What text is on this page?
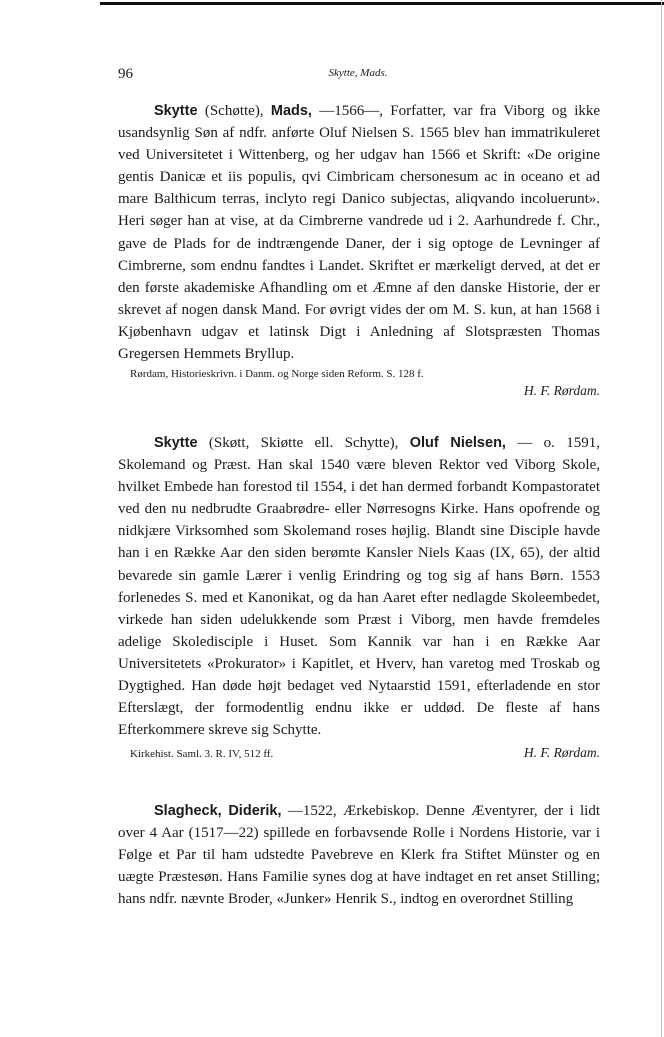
96	Skytte, Mads.

Skytte (Schøtte), Mads, —1566—, Forfatter, var fra Viborg og ikke usandsynlig Søn af ndfr. anførte Oluf Nielsen S. 1565 blev han immatrikuleret ved Universitetet i Wittenberg, og her udgav han 1566 et Skrift: «De origine gentis Danicæ et iis populis, qvi Cimbricam chersonesum ac in oceano et ad mare Balthicum terras, inclyto regi Danico subjectas, aliqvando incoluerunt». Heri søger han at vise, at da Cimbrerne vandrede ud i 2. Aarhundrede f. Chr., gave de Plads for de indtrængende Daner, der i sig optoge de Levninger af Cimbrerne, som endnu fandtes i Landet. Skriftet er mærkeligt derved, at det er den første akademiske Afhandling om et Æmne af den danske Historie, der er skrevet af nogen dansk Mand. For øvrigt vides der om M. S. kun, at han 1568 i Kjøbenhavn udgav et latinsk Digt i Anledning af Slotspræsten Thomas Gregersen Hemmets Bryllup.

Rørdam, Historieskrivn. i Danm. og Norge siden Reform. S. 128 f.

H. F. Rørdam.

Skytte (Skøtt, Skiøtte ell. Schytte), Oluf Nielsen, — o. 1591, Skolemand og Præst. Han skal 1540 være bleven Rektor ved Viborg Skole, hvilket Embede han forestod til 1554, i det han dermed forbandt Kompastoratet ved den nu nedbrudte Graabrødre- eller Nørresogns Kirke. Hans opofrende og nidkjære Virksomhed som Skolemand roses højlig. Blandt sine Disciple havde han i en Række Aar den siden berømte Kansler Niels Kaas (IX, 65), der altid bevarede sin gamle Lærer i venlig Erindring og tog sig af hans Børn. 1553 forlenedes S. med et Kanonikat, og da han Aaret efter nedlagde Skoleembedet, virkede han siden udelukkende som Præst i Viborg, men havde fremdeles adelige Skoledisciple i Huset. Som Kannik var han i en Række Aar Universitetets «Prokurator» i Kapitlet, et Hverv, han varetog med Troskab og Dygtighed. Han døde højt bedaget ved Nytaarstid 1591, efterladende en stor Efterslægt, der formodentlig endnu ikke er uddød. De fleste af hans Efterkommere skreve sig Schytte.

Kirkehist. Saml. 3. R. IV, 512 ff.	H. F. Rørdam.

Slagheck, Diderik, —1522, Ærkebiskop. Denne Æventyrer, der i lidt over 4 Aar (1517—22) spillede en forbavsende Rolle i Nordens Historie, var i Følge et Par til ham udstedte Pavebreve en Klerk fra Stiftet Münster og en uægte Præstesøn. Hans Familie synes dog at have indtaget en ret anset Stilling; hans ndfr. nævnte Broder, «Junker» Henrik S., indtog en overordnet Stilling
